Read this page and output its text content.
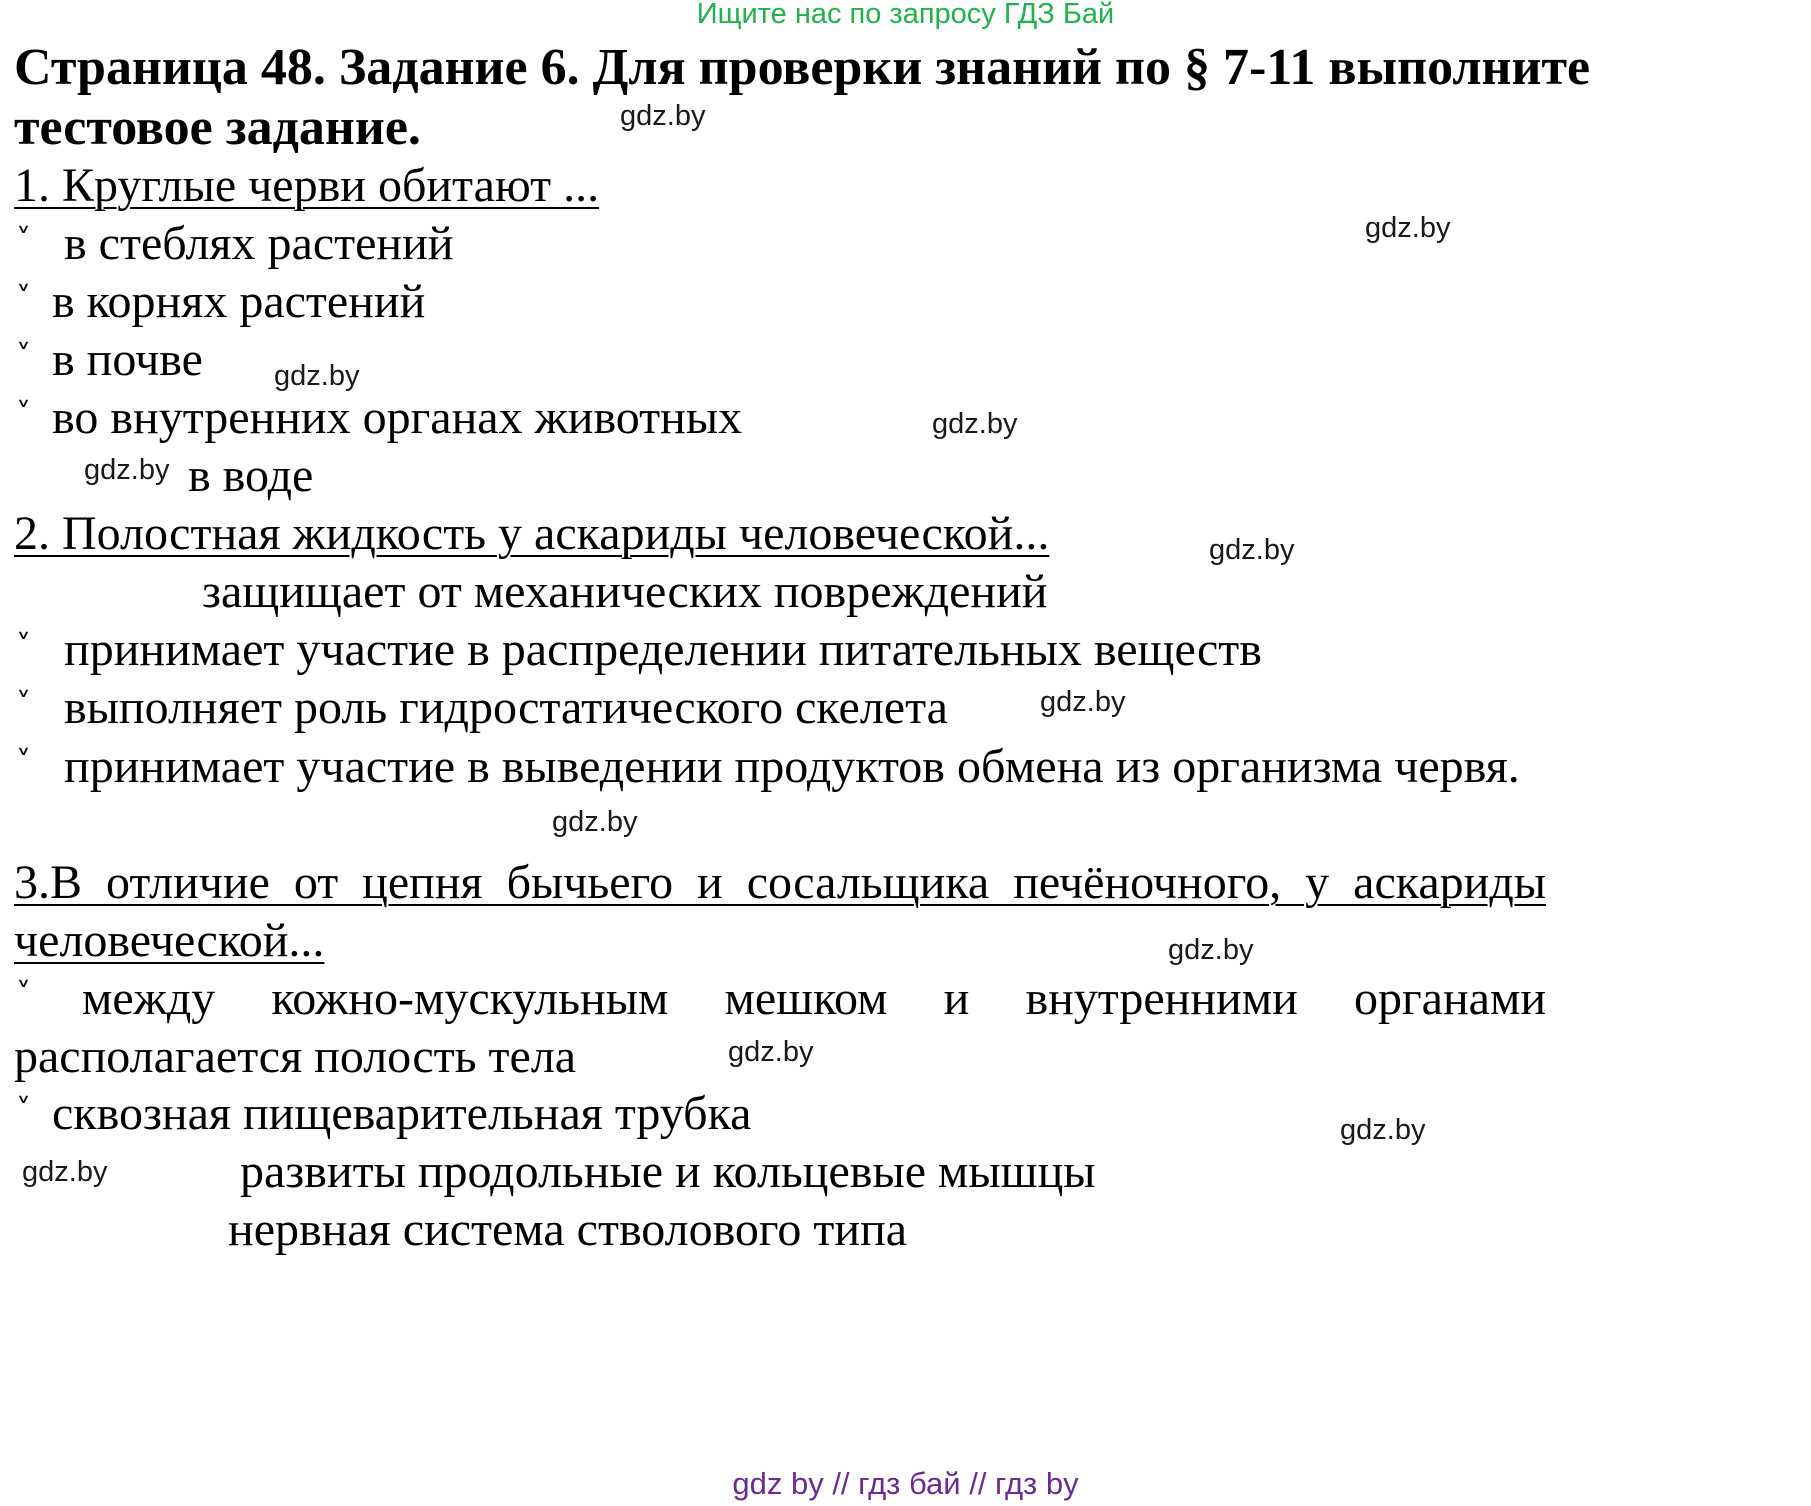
Ищите нас по запросу ГДЗ Бай
Страница 48. Задание 6. Для проверки знаний по § 7-11 выполните
тестовое задание.
1. Круглые черви обитают ...
˅ в стеблях растений
˅ в корнях растений
˅ в почве
˅ во внутренних органах животных
в воде
2. Полостная жидкость у аскариды человеческой...
защищает от механических повреждений
˅ принимает участие в распределении питательных веществ
˅ выполняет роль гидростатического скелета
˅ принимает участие в выведении продуктов обмена из организма червя.
3.В отличие от цепня бычьего и сосальщика печёночного, у аскариды человеческой...
˅	между кожно-мускульным мешком и внутренними органами располагается полость тела
˅ сквозная пищеварительная трубка
развиты продольные и кольцевые мышцы
нервная система стволового типа
gdz.by
gdz.by
gdz.by
gdz.by
gdz.by
gdz.by
gdz.by
gdz.by
gdz.by
gdz.by
gdz.by
gdz.by
gdz by // гдз бай // гдз by
